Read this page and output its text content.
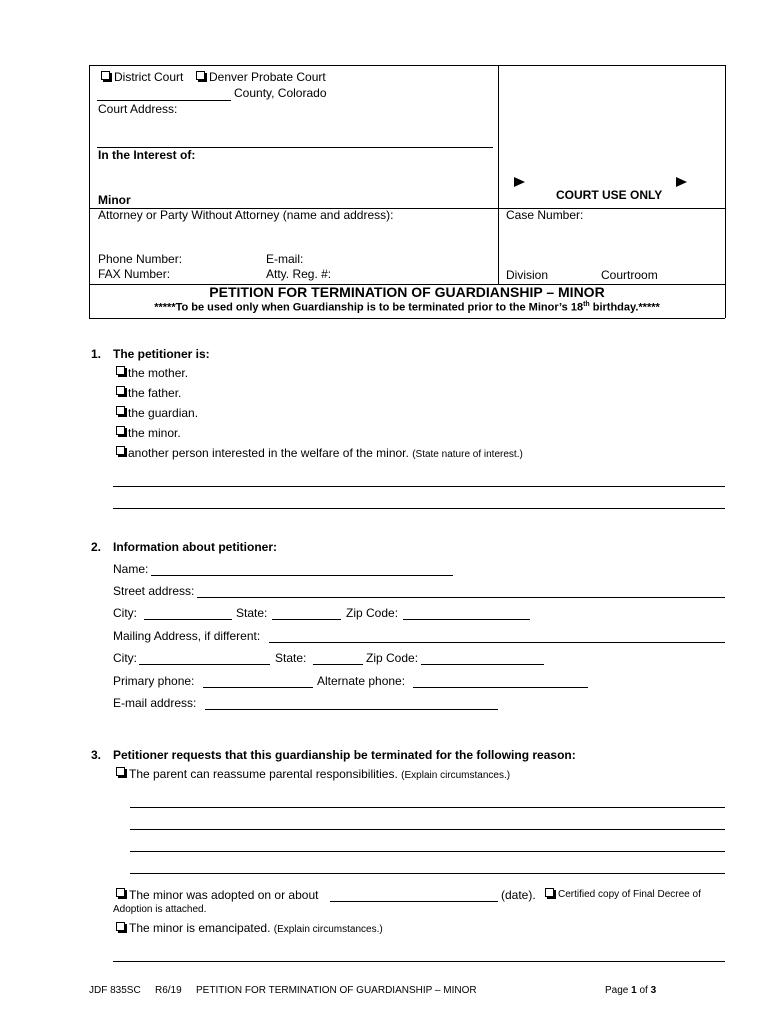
District Court Denver Probate Court
County, Colorado
Court Address:
In the Interest of:
Minor
Attorney or Party Without Attorney (name and address):
Phone Number:	E-mail:
FAX Number:	Atty. Reg. #:
COURT USE ONLY
Case Number:
Division	Courtroom
PETITION FOR TERMINATION OF GUARDIANSHIP – MINOR
*****To be used only when Guardianship is to be terminated prior to the Minor’s 18th birthday.*****
1. The petitioner is:
the mother.
the father.
the guardian.
the minor.
another person interested in the welfare of the minor. (State nature of interest.)
2. Information about petitioner:
Name:
Street address:
City:	State:	Zip Code:
Mailing Address, if different:
City:	State:	Zip Code:
Primary phone:	Alternate phone:
E-mail address:
3. Petitioner requests that this guardianship be terminated for the following reason:
The parent can reassume parental responsibilities. (Explain circumstances.)
The minor was adopted on or about	(date). Certified copy of Final Decree of
Adoption is attached.
The minor is emancipated. (Explain circumstances.)
JDF 835SC R6/19 PETITION FOR TERMINATION OF GUARDIANSHIP – MINOR	Page 1 of 3
